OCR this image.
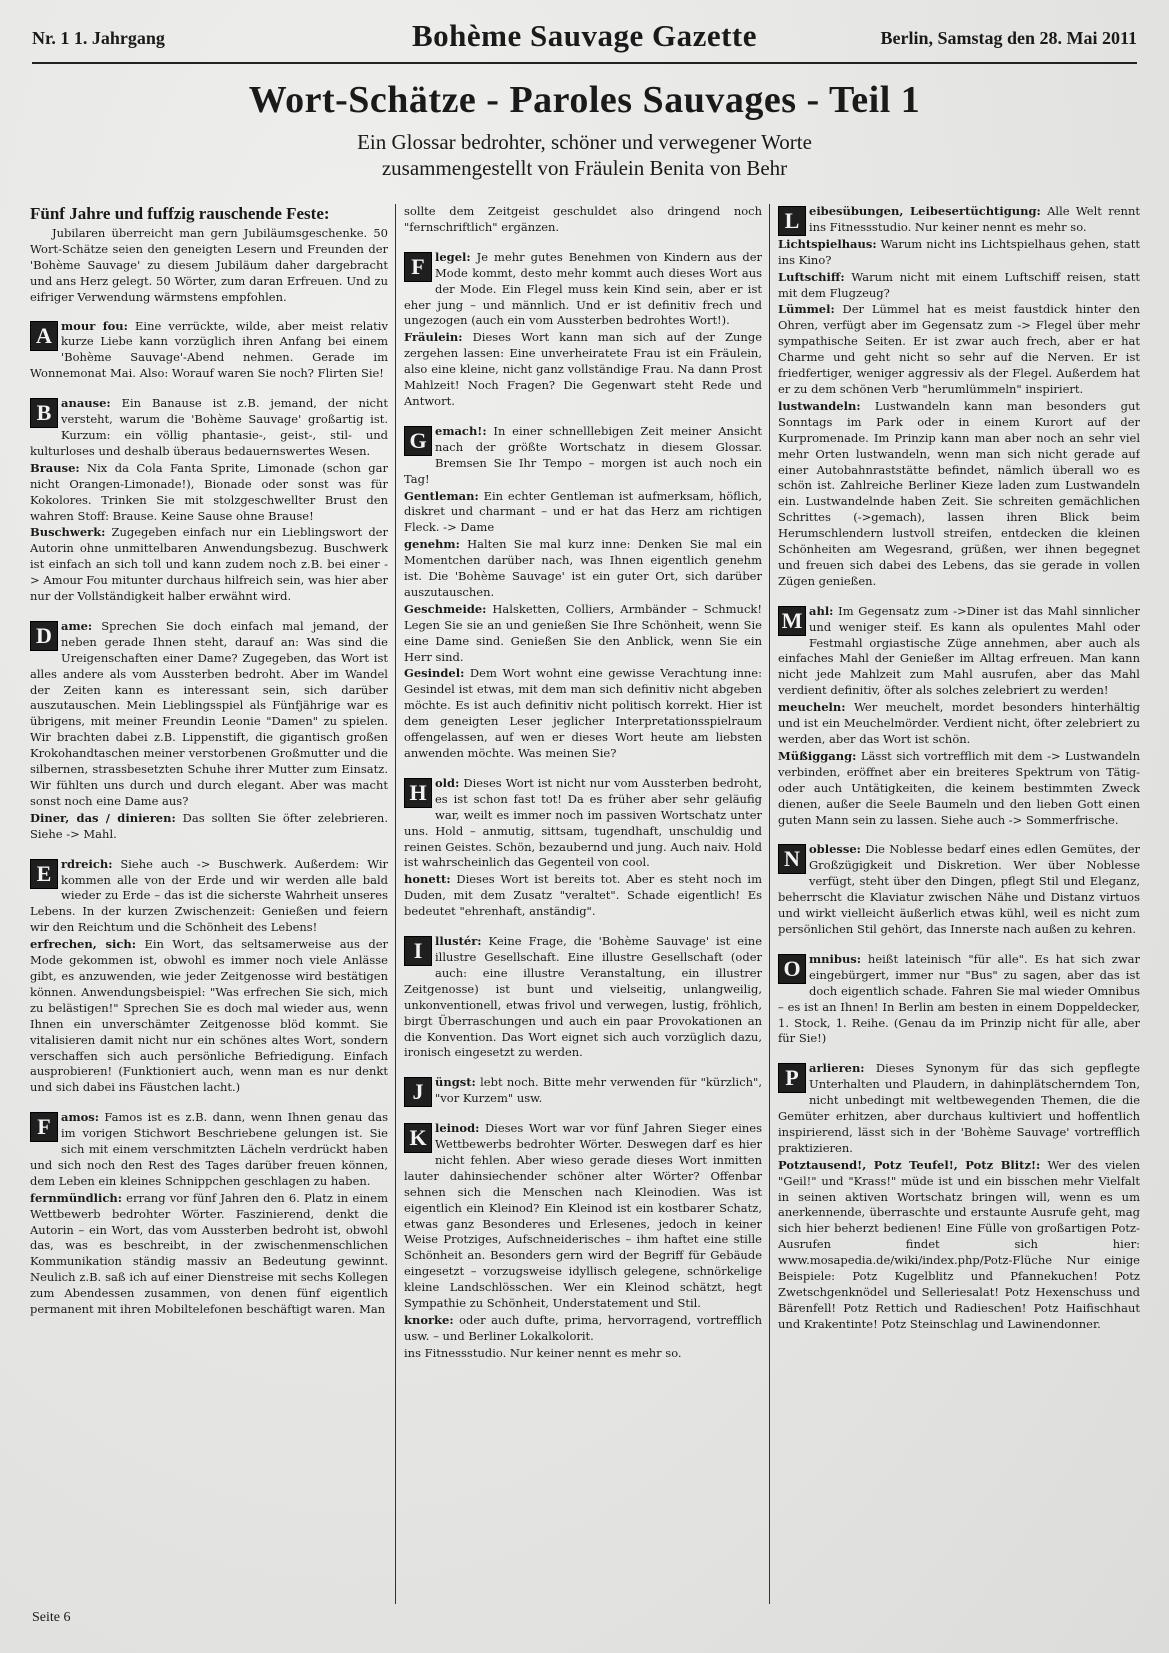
Nr. 1 1. Jahrgang	Bohème Sauvage Gazette	Berlin, Samstag den 28. Mai 2011
Wort-Schätze - Paroles Sauvages - Teil 1
Ein Glossar bedrohter, schöner und verwegener Worte
zusammengestellt von Fräulein Benita von Behr
Fünf Jahre und fuffzig rauschende Feste:

Jubilaren überreicht man gern Jubiläumsgeschenke. 50 Wort-Schätze seien den geneigten Lesern und Freunden der 'Bohème Sauvage' zu diesem Jubiläum daher dargebracht und ans Herz gelegt. 50 Wörter, zum daran Erfreuen. Und zu eifriger Verwendung wärmstens empfohlen.

A mour fou: Eine verrückte, wilde, aber meist relativ kurze Liebe kann vorzüglich ihren Anfang bei einem 'Bohème Sauvage'-Abend nehmen. Gerade im Wonnemonat Mai. Also: Worauf waren Sie noch? Flirten Sie!

B anause: Ein Banause ist z.B. jemand, der nicht versteht, warum die 'Bohème Sauvage' großartig ist. Kurzum: ein völlig phantasie-, geist-, stil- und kulturloses und deshalb überaus bedauernswertes Wesen.

Brause: Nix da Cola Fanta Sprite, Limonade (schon gar nicht Orangen-Limonade!), Bionade oder sonst was für Kokolores. Trinken Sie mit stolzgeschwellter Brust den wahren Stoff: Brause. Keine Sause ohne Brause!

Buschwerk: Zugegeben einfach nur ein Lieblingswort der Autorin ohne unmittelbaren Anwendungsbezug. Buschwerk ist einfach an sich toll und kann zudem noch z.B. bei einer -> Amour Fou mitunter durchaus hilfreich sein, was hier aber nur der Vollständigkeit halber erwähnt wird.

D ame: Sprechen Sie doch einfach mal jemand, der neben gerade Ihnen steht, darauf an: Was sind die Ureigenschaften einer Dame? Zugegeben, das Wort ist alles andere als vom Aussterben bedroht. Aber im Wandel der Zeiten kann es interessant sein, sich darüber auszutauschen. Mein Lieblingsspiel als Fünfjährige war es übrigens, mit meiner Freundin Leonie "Damen" zu spielen. Wir brachten dabei z.B. Lippenstift, die gigantisch großen Krokohandtaschen meiner verstorbenen Großmutter und die silbernen, strassbesetzten Schuhe ihrer Mutter zum Einsatz. Wir fühlten uns durch und durch elegant. Aber was macht sonst noch eine Dame aus?

Diner, das / dinieren: Das sollten Sie öfter zelebrieren. Siehe -> Mahl.

E rdreich: Siehe auch -> Buschwerk. Außerdem: Wir kommen alle von der Erde und wir werden alle bald wieder zu Erde – das ist die sicherste Wahrheit unseres Lebens. In der kurzen Zwischenzeit: Genießen und feiern wir den Reichtum und die Schönheit des Lebens!

erfrechen, sich: Ein Wort, das seltsamerweise aus der Mode gekommen ist, obwohl es immer noch viele Anlässe gibt, es anzuwenden, wie jeder Zeitgenosse wird bestätigen können. Anwendungsbeispiel: "Was erfrechen Sie sich, mich zu belästigen!" Sprechen Sie es doch mal wieder aus, wenn Ihnen ein unverschämter Zeitgenosse blöd kommt. Sie vitalisieren damit nicht nur ein schönes altes Wort, sondern verschaffen sich auch persönliche Befriedigung. Einfach ausprobieren! (Funktioniert auch, wenn man es nur denkt und sich dabei ins Fäustchen lacht.)

F amos: Famos ist es z.B. dann, wenn Ihnen genau das im vorigen Stichwort Beschriebene gelungen ist. Sie sich mit einem verschmitzten Lächeln verdrückt haben und sich noch den Rest des Tages darüber freuen können, dem Leben ein kleines Schnippchen geschlagen zu haben.

fernmündlich: errang vor fünf Jahren den 6. Platz in einem Wettbewerb bedrohter Wörter. Faszinierend, denkt die Autorin – ein Wort, das vom Aussterben bedroht ist, obwohl das, was es beschreibt, in der zwischenmenschlichen Kommunikation ständig massiv an Bedeutung gewinnt. Neulich z.B. saß ich auf einer Dienstreise mit sechs Kollegen zum Abendessen zusammen, von denen fünf eigentlich permanent mit ihren Mobiltelefonen beschäftigt waren. Man

sollte dem Zeitgeist geschuldet also dringend noch "fernschriftlich" ergänzen.

F legel: Je mehr gutes Benehmen von Kindern aus der Mode kommt, desto mehr kommt auch dieses Wort aus der Mode. Ein Flegel muss kein Kind sein, aber er ist eher jung – und männlich. Und er ist definitiv frech und ungezogen (auch ein vom Aussterben bedrohtes Wort!).

Fräulein: Dieses Wort kann man sich auf der Zunge zergehen lassen: Eine unverheiratete Frau ist ein Fräulein, also eine kleine, nicht ganz vollständige Frau. Na dann Prost Mahlzeit! Noch Fragen? Die Gegenwart steht Rede und Antwort.

G emach!: In einer schnelllebigen Zeit meiner Ansicht nach der größte Wortschatz in diesem Glossar. Bremsen Sie Ihr Tempo – morgen ist auch noch ein Tag!

Gentleman: Ein echter Gentleman ist aufmerksam, höflich, diskret und charmant – und er hat das Herz am richtigen Fleck. -> Dame

genehm: Halten Sie mal kurz inne: Denken Sie mal ein Momentchen darüber nach, was Ihnen eigentlich genehm ist. Die 'Bohème Sauvage' ist ein guter Ort, sich darüber auszutauschen.

Geschmeide: Halsketten, Colliers, Armbänder – Schmuck! Legen Sie sie an und genießen Sie Ihre Schönheit, wenn Sie eine Dame sind. Genießen Sie den Anblick, wenn Sie ein Herr sind.

Gesindel: Dem Wort wohnt eine gewisse Verachtung inne: Gesindel ist etwas, mit dem man sich definitiv nicht abgeben möchte. Es ist auch definitiv nicht politisch korrekt. Hier ist dem geneigten Leser jeglicher Interpretationsspielraum offengelassen, auf wen er dieses Wort heute am liebsten anwenden möchte. Was meinen Sie?

H old: Dieses Wort ist nicht nur vom Aussterben bedroht, es ist schon fast tot! Da es früher aber sehr geläufig war, weilt es immer noch im passiven Wortschatz unter uns. Hold – anmutig, sittsam, tugendhaft, unschuldig und reinen Geistes. Schön, bezaubernd und jung. Auch naiv. Hold ist wahrscheinlich das Gegenteil von cool.

honett: Dieses Wort ist bereits tot. Aber es steht noch im Duden, mit dem Zusatz "veraltet". Schade eigentlich! Es bedeutet "ehrenhaft, anständig".

I	llustér: Keine Frage, die 'Bohème Sauvage' ist eine illustre Gesellschaft. Eine illustre Gesellschaft (oder auch: eine illustre Veranstaltung, ein illustrer Zeitgenosse) ist bunt und vielseitig, unlangweilig, unkonventionell, etwas frivol und verwegen, lustig, fröhlich, birgt Überraschungen und auch ein paar Provokationen an die Konvention. Das Wort eignet sich auch vorzüglich dazu, ironisch eingesetzt zu werden.

J	üngst: lebt noch. Bitte mehr verwenden für "kürzlich", "vor Kurzem" usw.

K leinod: Dieses Wort war vor fünf Jahren Sieger eines Wettbewerbs bedrohter Wörter. Deswegen darf es hier nicht fehlen. Aber wieso gerade dieses Wort inmitten lauter dahinsiechender schöner alter Wörter? Offenbar sehnen sich die Menschen nach Kleinodien. Was ist eigentlich ein Kleinod? Ein Kleinod ist ein kostbarer Schatz, etwas ganz Besonderes und Erlesenes, jedoch in keiner Weise Protziges, Aufschneiderisches – ihm haftet eine stille Schönheit an. Besonders gern wird der Begriff für Gebäude eingesetzt – vorzugsweise idyllisch gelegene, schnörkelige kleine Landschlösschen. Wer ein Kleinod schätzt, hegt Sympathie zu Schönheit, Understatement und Stil.

knorke: oder auch dufte, prima, hervorragend, vortrefflich usw. – und Berliner Lokalkolorit.

ins Fitnessstudio. Nur keiner nennt es mehr so.

L eibesübungen, Leibesertüchtigung: Alle Welt rennt ins Fitnessstudio. Nur keiner nennt es mehr so.

Lichtspielhaus: Warum nicht ins Lichtspielhaus gehen, statt ins Kino?

Luftschiff: Warum nicht mit einem Luftschiff reisen, statt mit dem Flugzeug?

Lümmel: Der Lümmel hat es meist faustdick hinter den Ohren, verfügt aber im Gegensatz zum -> Flegel über mehr sympathische Seiten. Er ist zwar auch frech, aber er hat Charme und geht nicht so sehr auf die Nerven. Er ist friedfertiger, weniger aggressiv als der Flegel. Außerdem hat er zu dem schönen Verb "herumlümmeln" inspiriert.

lustwandeln: Lustwandeln kann man besonders gut Sonntags im Park oder in einem Kurort auf der Kurpromenade. Im Prinzip kann man aber noch an sehr viel mehr Orten lustwandeln, wenn man sich nicht gerade auf einer Autobahnraststätte befindet, nämlich überall wo es schön ist. Zahlreiche Berliner Kieze laden zum Lustwandeln ein. Lustwandelnde haben Zeit. Sie schreiten gemächlichen Schrittes (->gemach), lassen ihren Blick beim Herumschlendern lustvoll streifen, entdecken die kleinen Schönheiten am Wegesrand, grüßen, wer ihnen begegnet und freuen sich dabei des Lebens, das sie gerade in vollen Zügen genießen.

M ahl: Im Gegensatz zum ->Diner ist das Mahl sinnlicher und weniger steif. Es kann als opulentes Mahl oder Festmahl orgiastische Züge annehmen, aber auch als einfaches Mahl der Genießer im Alltag erfreuen. Man kann nicht jede Mahlzeit zum Mahl ausrufen, aber das Mahl verdient definitiv, öfter als solches zelebriert zu werden!

meucheln: Wer meuchelt, mordet besonders hinterhältig und ist ein Meuchelmörder. Verdient nicht, öfter zelebriert zu werden, aber das Wort ist schön.

Müßiggang: Lässt sich vortrefflich mit dem -> Lustwandeln verbinden, eröffnet aber ein breiteres Spektrum von Tätig- oder auch Untätigkeiten, die keinem bestimmten Zweck dienen, außer die Seele Baumeln und den lieben Gott einen guten Mann sein zu lassen. Siehe auch -> Sommerfrische.

N oblesse: Die Noblesse bedarf eines edlen Gemütes, der Großzügigkeit und Diskretion. Wer über Noblesse verfügt, steht über den Dingen, pflegt Stil und Eleganz, beherrscht die Klaviatur zwischen Nähe und Distanz virtuos und wirkt vielleicht äußerlich etwas kühl, weil es nicht zum persönlichen Stil gehört, das Innerste nach außen zu kehren.

O mnibus: heißt lateinisch "für alle". Es hat sich zwar eingebürgert, immer nur "Bus" zu sagen, aber das ist doch eigentlich schade. Fahren Sie mal wieder Omnibus – es ist an Ihnen! In Berlin am besten in einem Doppeldecker, 1. Stock, 1. Reihe. (Genau da im Prinzip nicht für alle, aber für Sie!)

P arlieren: Dieses Synonym für das sich gepflegte Unterhalten und Plaudern, in dahinplätscherndem Ton, nicht unbedingt mit weltbewegenden Themen, die die Gemüter erhitzen, aber durchaus kultiviert und hoffentlich inspirierend, lässt sich in der 'Bohème Sauvage' vortrefflich praktizieren.

Potztausend!, Potz Teufel!, Potz Blitz!: Wer des vielen "Geil!" und "Krass!" müde ist und ein bisschen mehr Vielfalt in seinen aktiven Wortschatz bringen will, wenn es um anerkennende, überraschte und erstaunte Ausrufe geht, mag sich hier beherzt bedienen! Eine Fülle von großartigen Potz-Ausrufen findet sich hier: www.mosapedia.de/wiki/index.php/Potz-Flüche Nur einige Beispiele: Potz Kugelblitz und Pfannekuchen! Potz Zwetschgenknödel und Selleriesalat! Potz Hexenschuss und Bärenfell! Potz Rettich und Radieschen! Potz Haifischhaut und Krakentinte! Potz Steinschlag und Lawinendonner.

Seite 6
